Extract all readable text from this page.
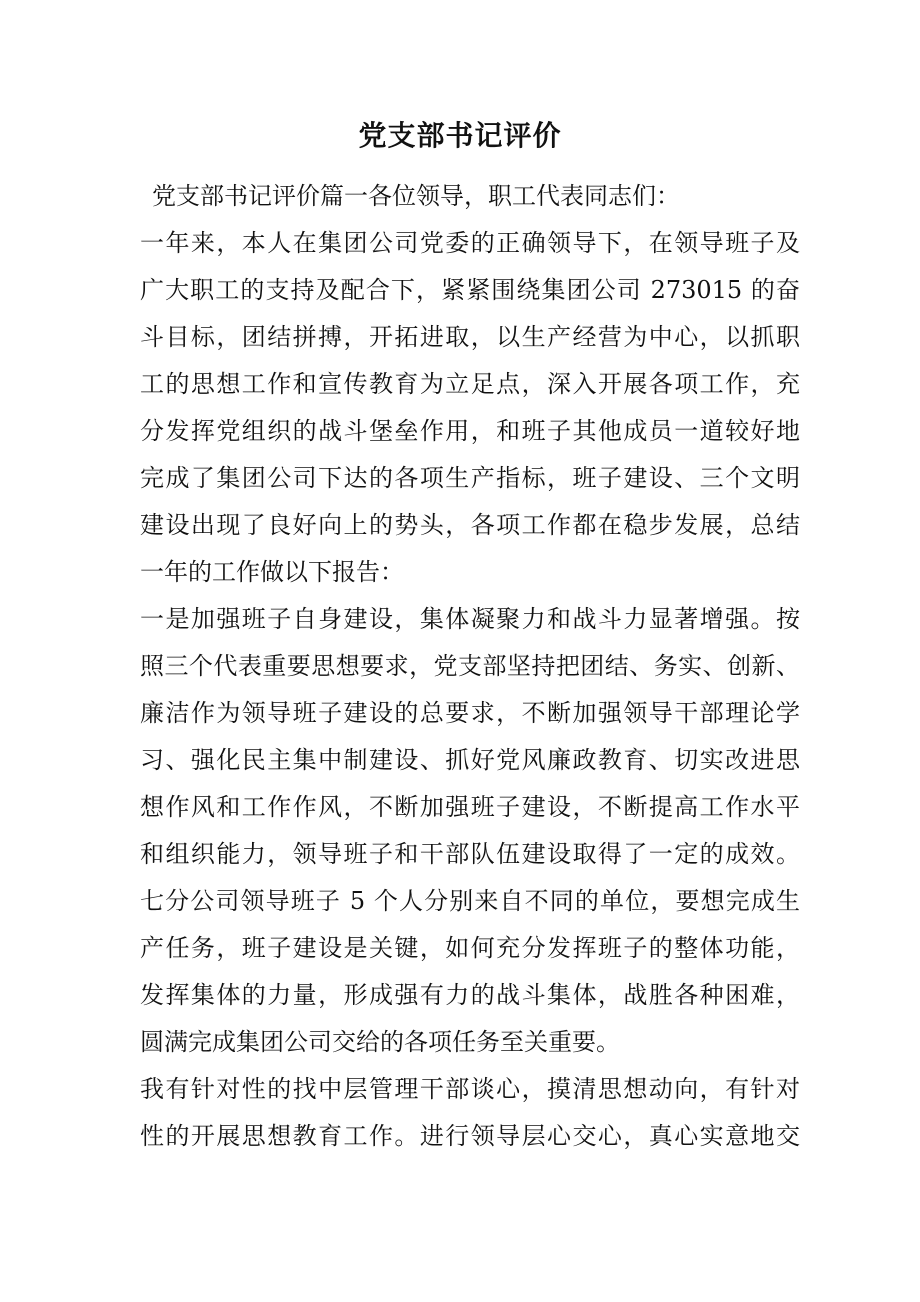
党支部书记评价
党支部书记评价篇一各位领导，职工代表同志们：
一年来，本人在集团公司党委的正确领导下，在领导班子及
广大职工的支持及配合下，紧紧围绕集团公司 273015 的奋
斗目标，团结拼搏，开拓进取，以生产经营为中心，以抓职
工的思想工作和宣传教育为立足点，深入开展各项工作，充
分发挥党组织的战斗堡垒作用，和班子其他成员一道较好地
完成了集团公司下达的各项生产指标，班子建设、三个文明
建设出现了良好向上的势头，各项工作都在稳步发展，总结
一年的工作做以下报告：
一是加强班子自身建设，集体凝聚力和战斗力显著增强。按
照三个代表重要思想要求，党支部坚持把团结、务实、创新、
廉洁作为领导班子建设的总要求，不断加强领导干部理论学
习、强化民主集中制建设、抓好党风廉政教育、切实改进思
想作风和工作作风，不断加强班子建设，不断提高工作水平
和组织能力，领导班子和干部队伍建设取得了一定的成效。
七分公司领导班子 5 个人分别来自不同的单位，要想完成生
产任务，班子建设是关键，如何充分发挥班子的整体功能，
发挥集体的力量，形成强有力的战斗集体，战胜各种困难，
圆满完成集团公司交给的各项任务至关重要。
我有针对性的找中层管理干部谈心，摸清思想动向，有针对
性的开展思想教育工作。进行领导层心交心，真心实意地交
